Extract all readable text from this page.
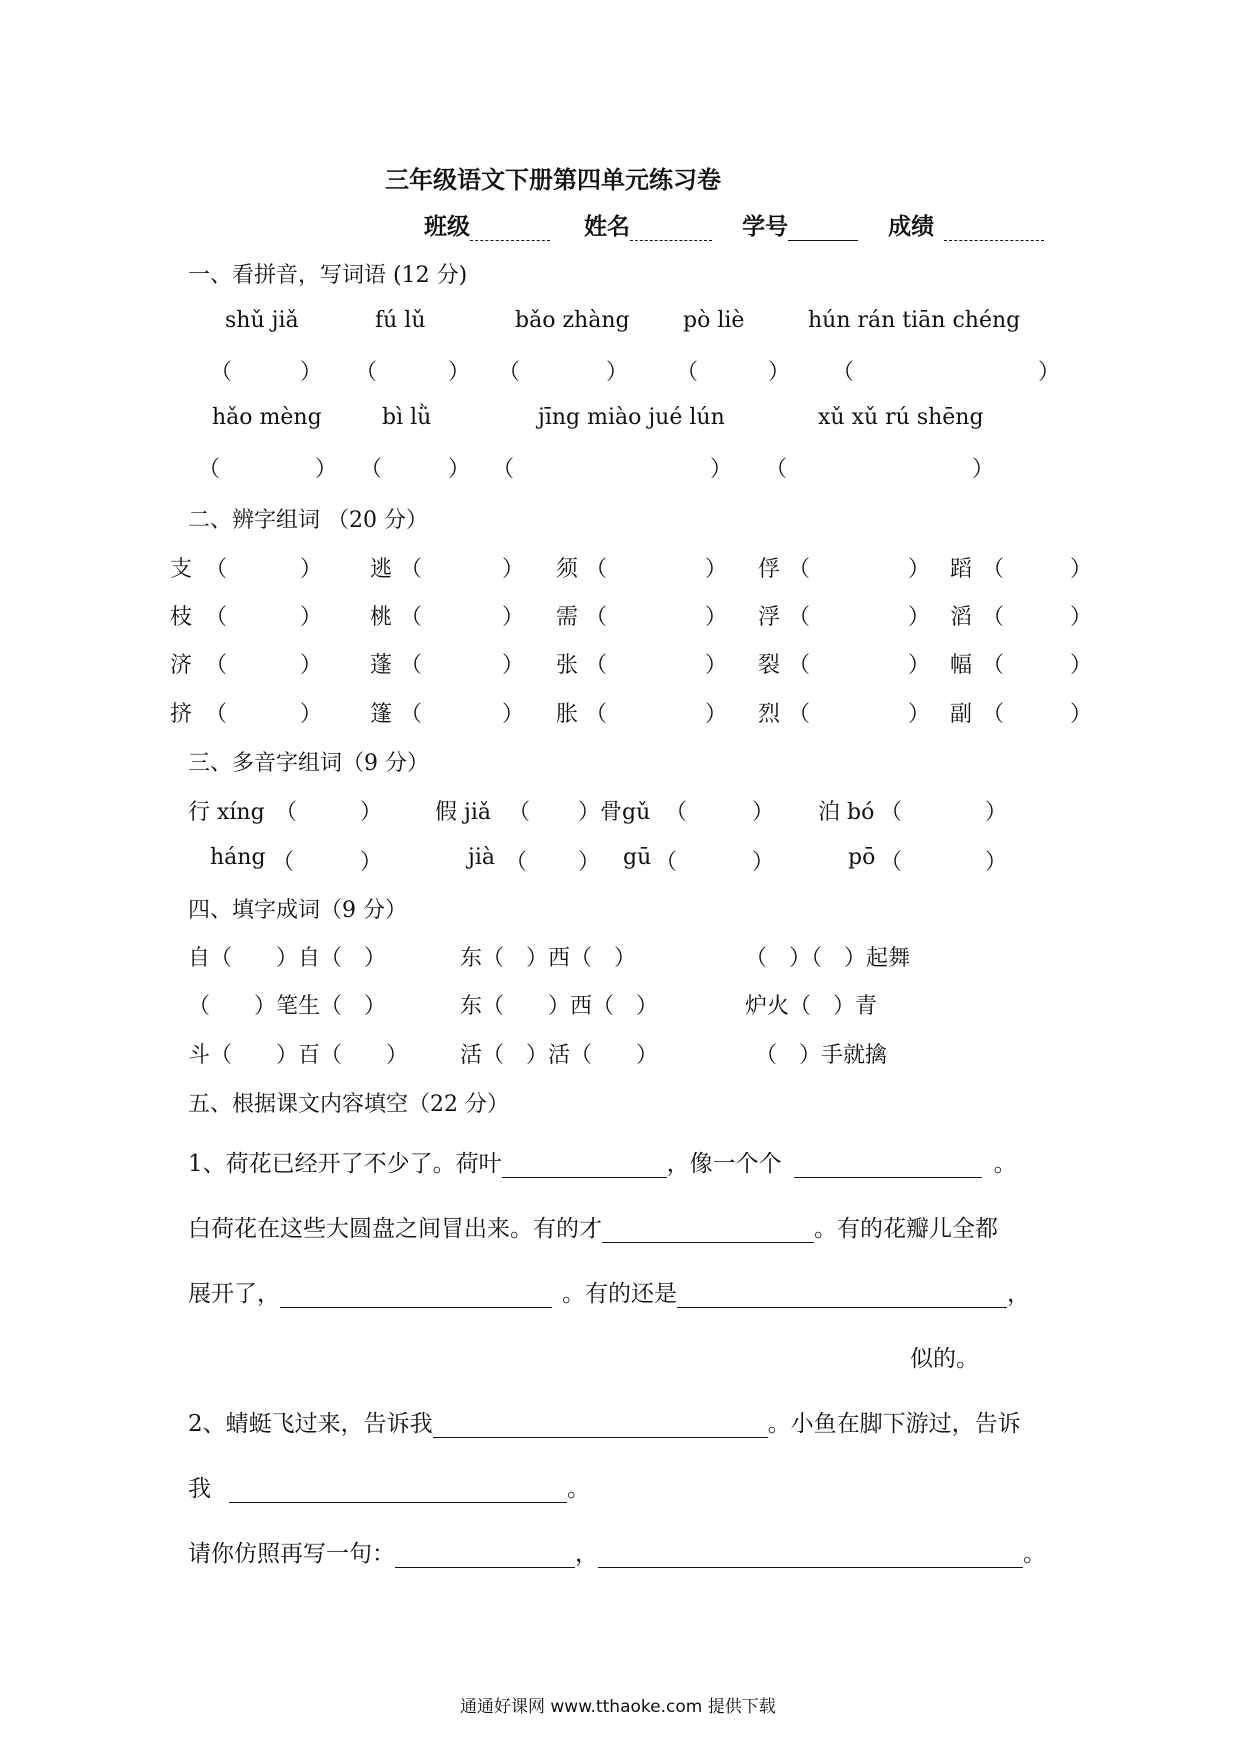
三年级语文下册第四单元练习卷
班级	姓名	学号	成绩
一、看拼音，写词语 (12 分)
shǔ jiǎ	fú lǔ	bǎo zhàng pò liè	hún rán tiān chéng
（	） （	） （	） （	） （	）
hǎo mèng	bì lǜ	jīng miào jué lún	xǔ xǔ rú shēng
（	） （	） （	） （	）
二、辨字组词 （20 分）
支 （	） 逃 （	） 须 （	） 俘 （	） 蹈 （	）
枝 （	） 桃 （	） 需 （	） 浮 （	） 滔 （	）
济 （	） 蓬 （	） 张 （	） 裂 （	） 幅 （	）
挤 （	） 篷 （	） 胀 （	） 烈 （	） 副 （	）
三、多音字组词（9 分）
行 xíng （	） 假 jiǎ （ ） 骨gǔ （	） 泊 bó （	）
háng （	）	jià （ ） gū （	）	pō （	）
四、填字成词（9 分）
自（　　）自（　）	东（　）西（　）	（　）（　）起舞
（　　）笔生（　）	东（　　）西（　）	炉火（　）青
斗（　　）百（　　） 活（　）活（　　）	（　）手就擒
五、根据课文内容填空（22 分）
1、荷花已经开了不少了。荷叶	，像一个个	。
白荷花在这些大圆盘之间冒出来。有的才	。有的花瓣儿全都
展开了，	。有的还是	，
似的。
2、蜻蜓飞过来，告诉我	。小鱼在脚下游过，告诉
我	。
请你仿照再写一句：	，	。
通通好课网 www.tthaoke.com 提供下载
